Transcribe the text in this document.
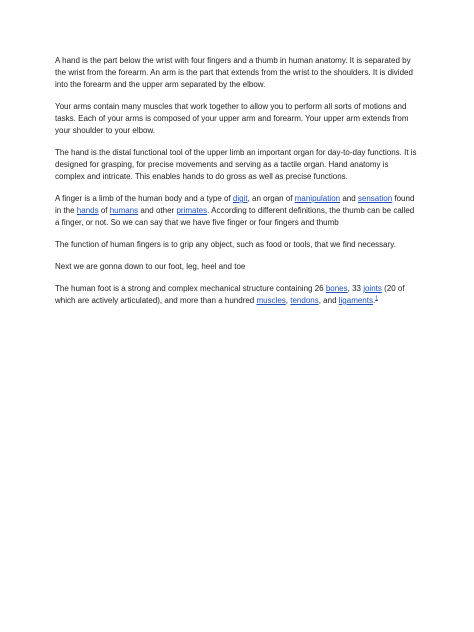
A hand is the part below the wrist with four fingers and a thumb in human anatomy. It is separated by the wrist from the forearm. An arm is the part that extends from the wrist to the shoulders. It is divided into the forearm and the upper arm separated by the elbow.

Your arms contain many muscles that work together to allow you to perform all sorts of motions and tasks. Each of your arms is composed of your upper arm and forearm. Your upper arm extends from your shoulder to your elbow.

The hand is the distal functional tool of the upper limb an important organ for day-to-day functions. It is designed for grasping, for precise movements and serving as a tactile organ. Hand anatomy is complex and intricate. This enables hands to do gross as well as precise functions.

A finger is a limb of the human body and a type of digit, an organ of manipulation and sensation found in the hands of humans and other primates. According to different definitions, the thumb can be called a finger, or not. So we can say that we have five finger or four fingers and thumb

The function of human fingers is to grip any object, such as food or tools, that we find necessary.

Next we are gonna down to our foot, leg, heel and toe

The human foot is a strong and complex mechanical structure containing 26 bones, 33 joints (20 of which are actively articulated), and more than a hundred muscles, tendons, and ligaments.$^1$
